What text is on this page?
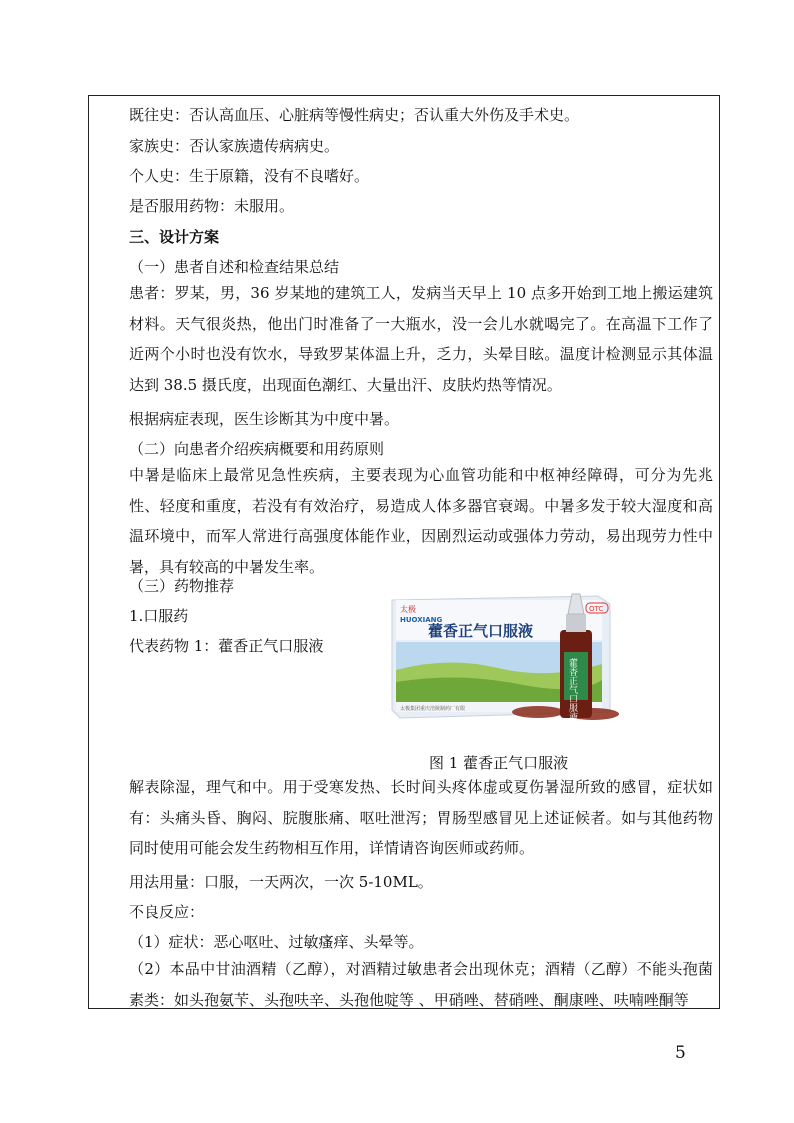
既往史：否认高血压、心脏病等慢性病史；否认重大外伤及手术史。
家族史：否认家族遗传病病史。
个人史：生于原籍，没有不良嗜好。
是否服用药物：未服用。
三、设计方案
（一）患者自述和检查结果总结
患者：罗某，男，36 岁某地的建筑工人，发病当天早上 10 点多开始到工地上搬运建筑材料。天气很炎热，他出门时准备了一大瓶水，没一会儿水就喝完了。在高温下工作了近两个小时也没有饮水，导致罗某体温上升，乏力，头晕目眩。温度计检测显示其体温达到 38.5 摄氏度，出现面色潮红、大量出汗、皮肤灼热等情况。
根据病症表现，医生诊断其为中度中暑。
（二）向患者介绍疾病概要和用药原则
中暑是临床上最常见急性疾病，主要表现为心血管功能和中枢神经障碍，可分为先兆性、轻度和重度，若没有有效治疗，易造成人体多器官衰竭。中暑多发于较大湿度和高温环境中，而军人常进行高强度体能作业，因剧烈运动或强体力劳动，易出现劳力性中暑，具有较高的中暑发生率。
（三）药物推荐
1.口服药
代表药物 1：藿香正气口服液
太极
HUOXIANG
藿香正气口服液
OTC
太极集团重庆涪陵制药厂有限	藿香正气口服液
图 1 藿香正气口服液
解表除湿，理气和中。用于受寒发热、长时间头疼体虚或夏伤暑湿所致的感冒，症状如有：头痛头昏、胸闷、脘腹胀痛、呕吐泄泻；胃肠型感冒见上述证候者。如与其他药物同时使用可能会发生药物相互作用，详情请咨询医师或药师。
用法用量：口服，一天两次，一次 5-10ML。
不良反应：
（1）症状：恶心呕吐、过敏瘙痒、头晕等。
（2）本品中甘油酒精（乙醇），对酒精过敏患者会出现休克；酒精（乙醇）不能头孢菌素类：如头孢氨苄、头孢呋辛、头孢他啶等 、甲硝唑、替硝唑、酮康唑、呋喃唑酮等
5
